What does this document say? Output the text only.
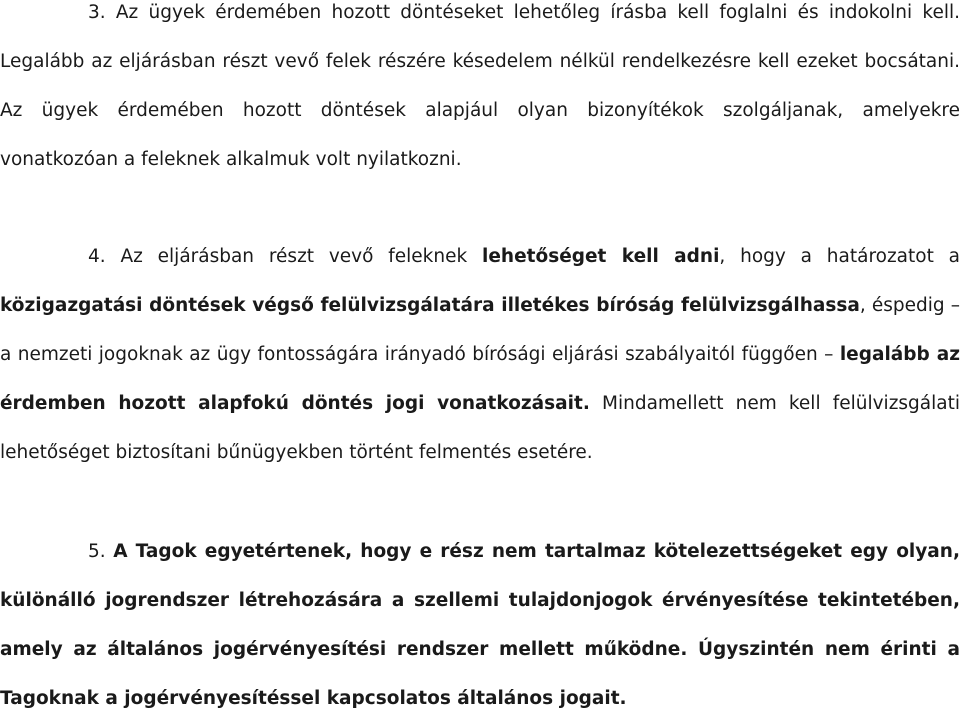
3. Az ügyek érdemében hozott döntéseket lehetőleg írásba kell foglalni és indokolni kell. Legalább az eljárásban részt vevő felek részére késedelem nélkül rendelkezésre kell ezeket bocsátani. Az ügyek érdemében hozott döntések alapjául olyan bizonyítékok szolgáljanak, amelyekre vonatkozóan a feleknek alkalmuk volt nyilatkozni.

4. Az eljárásban részt vevő feleknek lehetőséget kell adni, hogy a határozatot a közigazgatási döntések végső felülvizsgálatára illetékes bíróság felülvizsgálhassa, éspedig – a nemzeti jogoknak az ügy fontosságára irányadó bírósági eljárási szabályaitól függően – legalább az érdemben hozott alapfokú döntés jogi vonatkozásait. Mindamellett nem kell felülvizsgálati lehetőséget biztosítani bűnügyekben történt felmentés esetére.

5. A Tagok egyetértenek, hogy e rész nem tartalmaz kötelezettségeket egy olyan, különálló jogrendszer létrehozására a szellemi tulajdonjogok érvényesítése tekintetében, amely az általános jogérvényesítési rendszer mellett működne. Úgyszintén nem érinti a Tagoknak a jogérvényesítéssel kapcsolatos általános jogait.
